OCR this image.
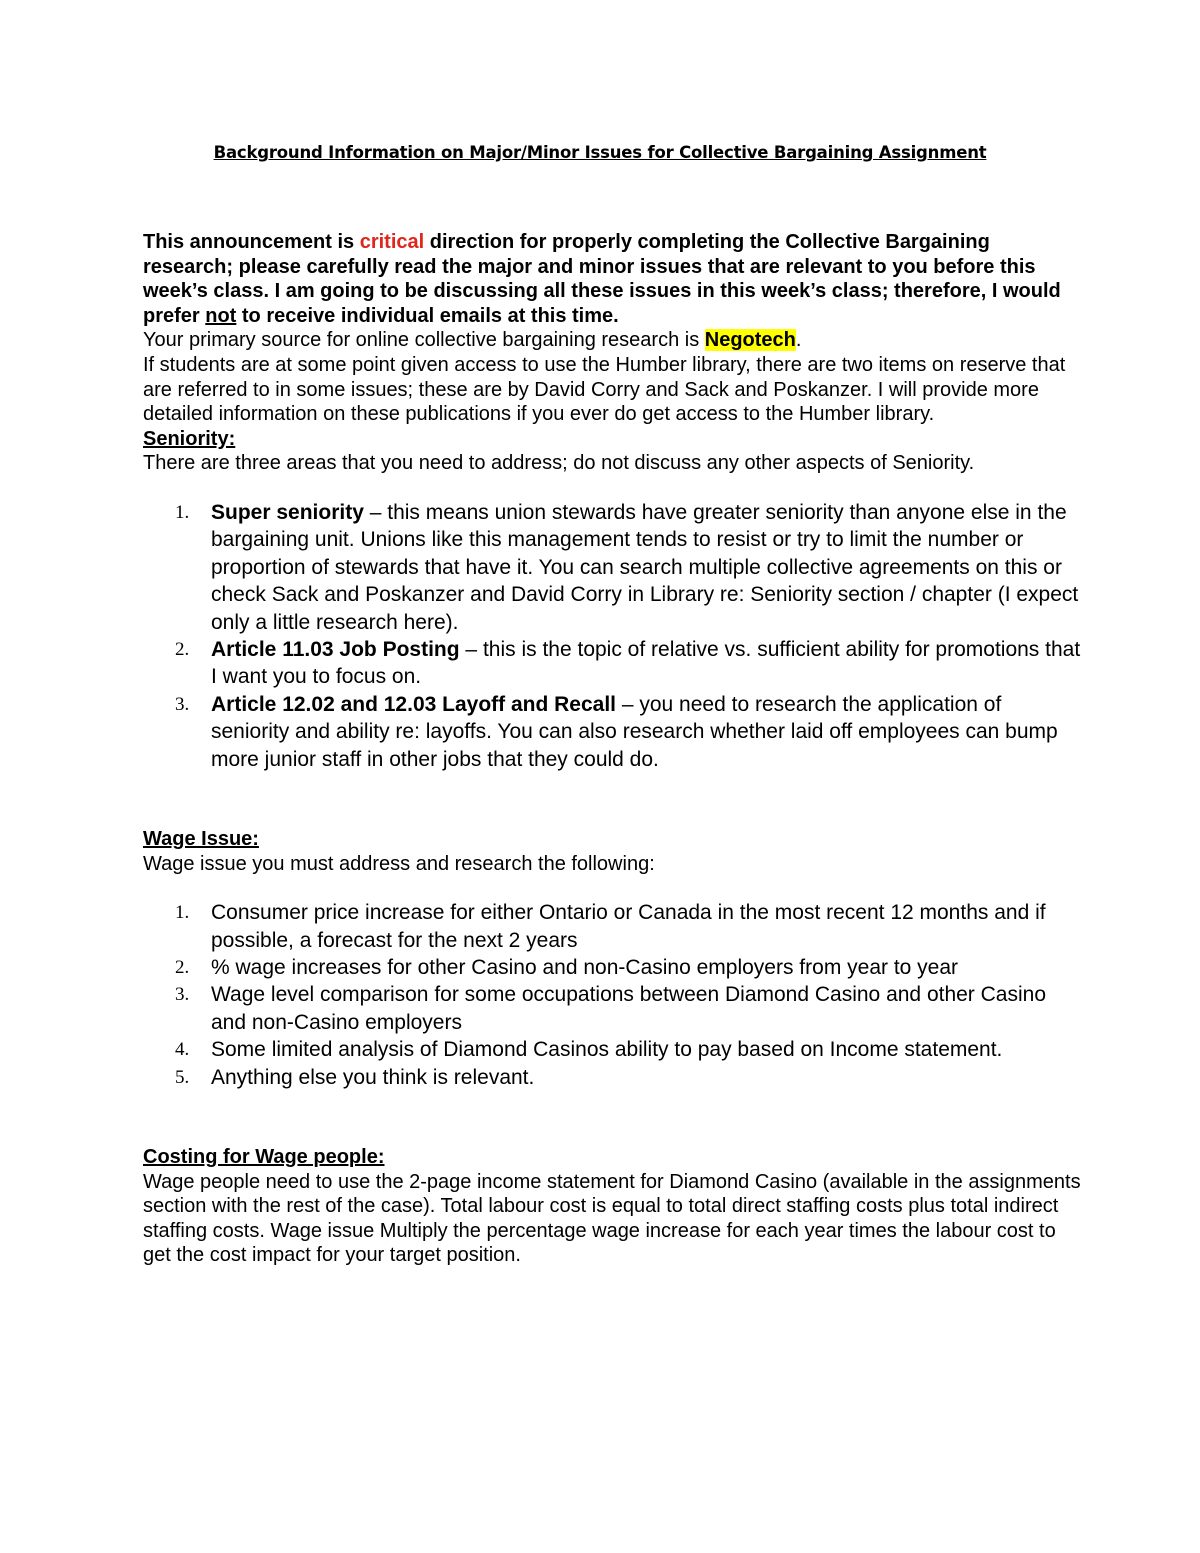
Background Information on Major/Minor Issues for Collective Bargaining Assignment

This announcement is critical direction for properly completing the Collective Bargaining research; please carefully read the major and minor issues that are relevant to you before this week’s class. I am going to be discussing all these issues in this week’s class; therefore, I would prefer not to receive individual emails at this time.

Your primary source for online collective bargaining research is Negotech.

If students are at some point given access to use the Humber library, there are two items on reserve that are referred to in some issues; these are by David Corry and Sack and Poskanzer. I will provide more detailed information on these publications if you ever do get access to the Humber library.

Seniority:

There are three areas that you need to address; do not discuss any other aspects of Seniority.

1. Super seniority – this means union stewards have greater seniority than anyone else in the bargaining unit. Unions like this management tends to resist or try to limit the number or proportion of stewards that have it. You can search multiple collective agreements on this or check Sack and Poskanzer and David Corry in Library re: Seniority section / chapter (I expect only a little research here).
2. Article 11.03 Job Posting – this is the topic of relative vs. sufficient ability for promotions that I want you to focus on.
3. Article 12.02 and 12.03 Layoff and Recall – you need to research the application of seniority and ability re: layoffs. You can also research whether laid off employees can bump more junior staff in other jobs that they could do.

Wage Issue:

Wage issue you must address and research the following:

1. Consumer price increase for either Ontario or Canada in the most recent 12 months and if possible, a forecast for the next 2 years
2. % wage increases for other Casino and non-Casino employers from year to year
3. Wage level comparison for some occupations between Diamond Casino and other Casino and non-Casino employers
4. Some limited analysis of Diamond Casinos ability to pay based on Income statement.
5. Anything else you think is relevant.

Costing for Wage people:

Wage people need to use the 2-page income statement for Diamond Casino (available in the assignments section with the rest of the case). Total labour cost is equal to total direct staffing costs plus total indirect staffing costs. Wage issue Multiply the percentage wage increase for each year times the labour cost to get the cost impact for your target position.
